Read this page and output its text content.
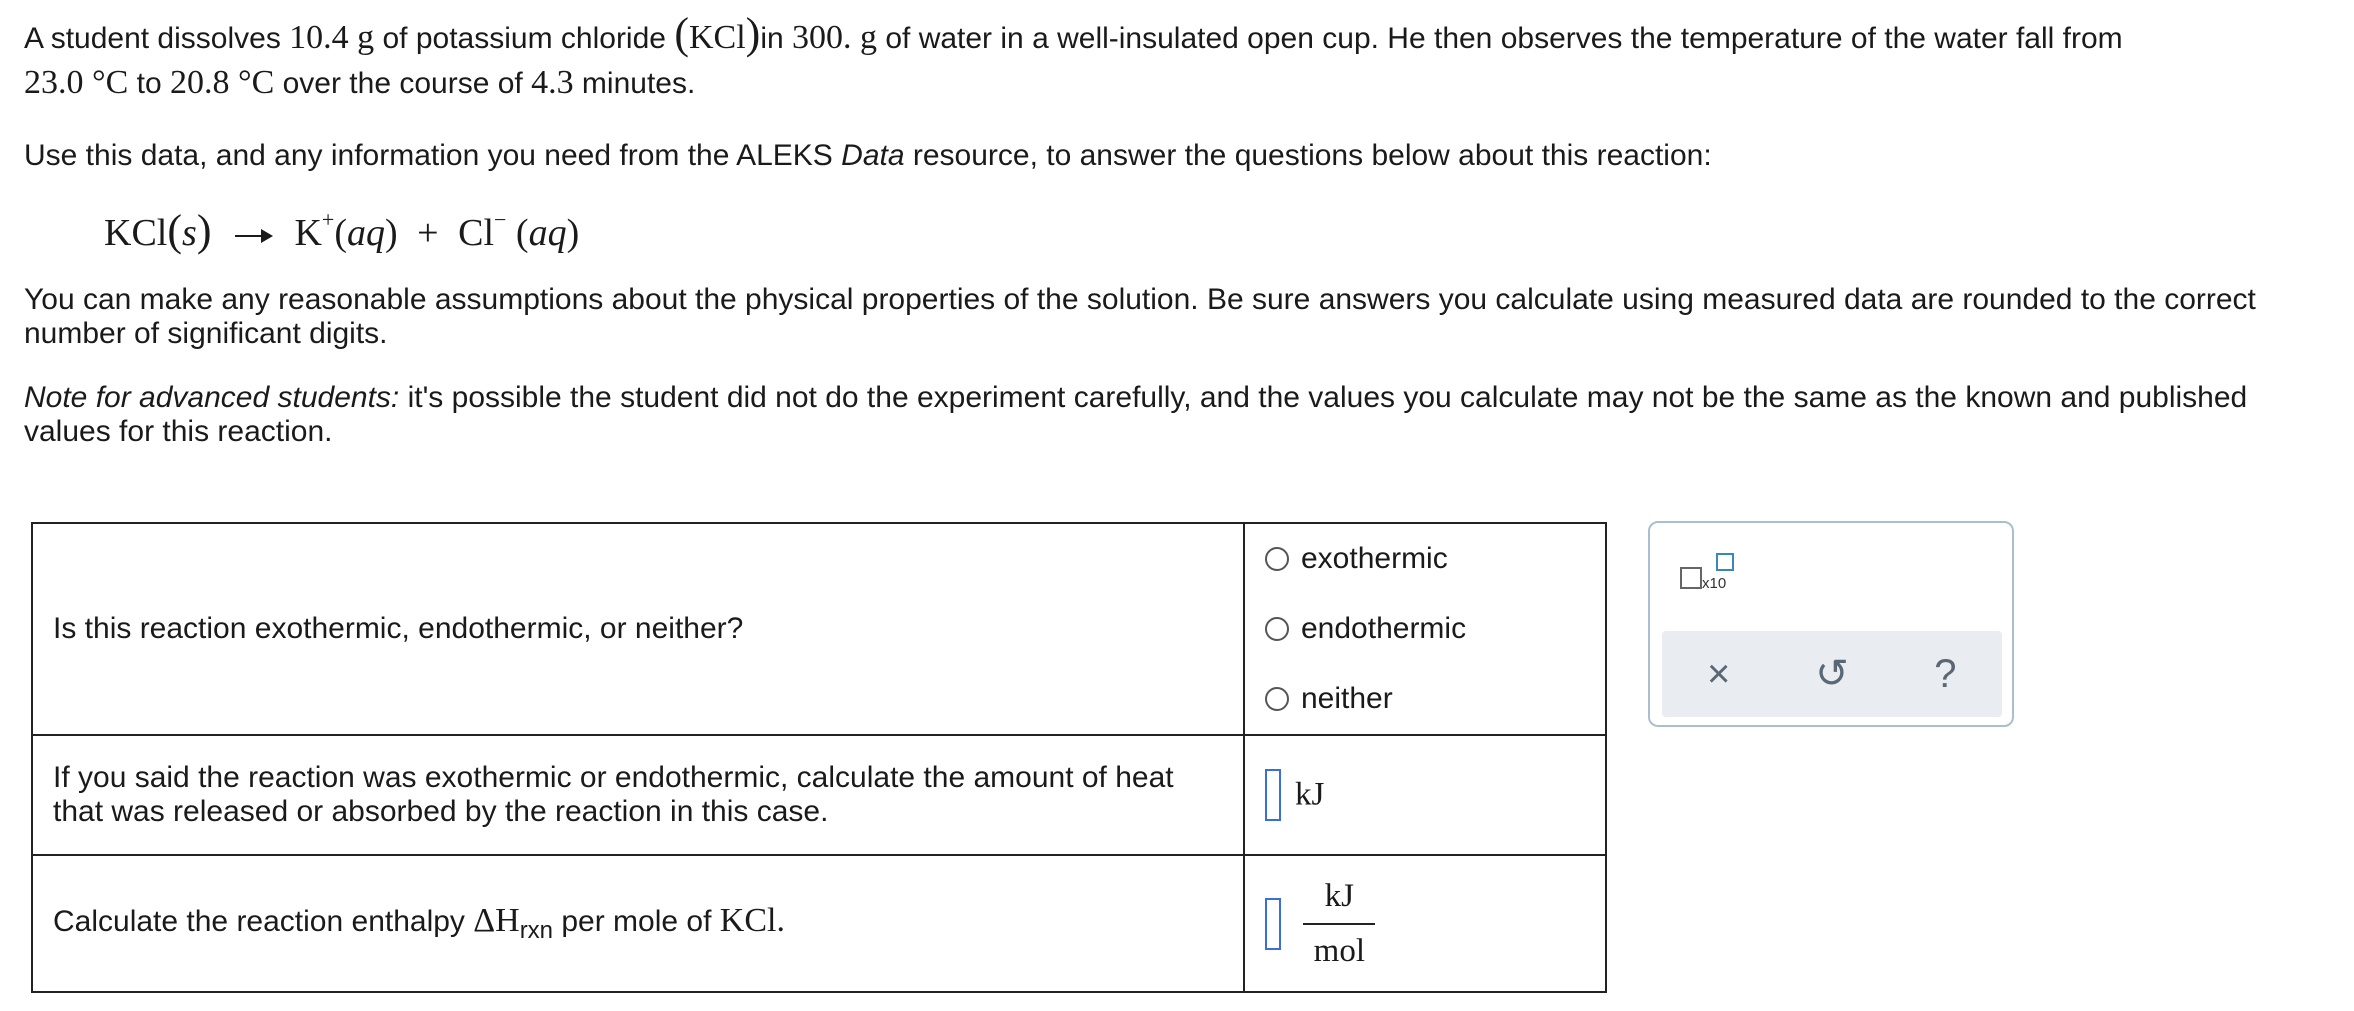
A student dissolves 10.4 g of potassium chloride (KCl)in 300. g of water in a well-insulated open cup. He then observes the temperature of the water fall from

23.0 °C to 20.8 °C over the course of 4.3 minutes.

Use this data, and any information you need from the ALEKS Data resource, to answer the questions below about this reaction:

KCl(s) → K+(aq) + Cl− (aq)

You can make any reasonable assumptions about the physical properties of the solution. Be sure answers you calculate using measured data are rounded to the correct number of significant digits.

Note for advanced students: it's possible the student did not do the experiment carefully, and the values you calculate may not be the same as the known and published values for this reaction.

Is this reaction exothermic, endothermic, or neither?	exothermic
endothermic
neither

If you said the reaction was exothermic or endothermic, calculate the amount of heat that was released or absorbed by the reaction in this case.	kJ
Calculate the reaction enthalpy $\Delta H_{rxn}$ per mole of KCl.	$\frac{kJ}{\text{mol}}$
x10
× ↺ ?
